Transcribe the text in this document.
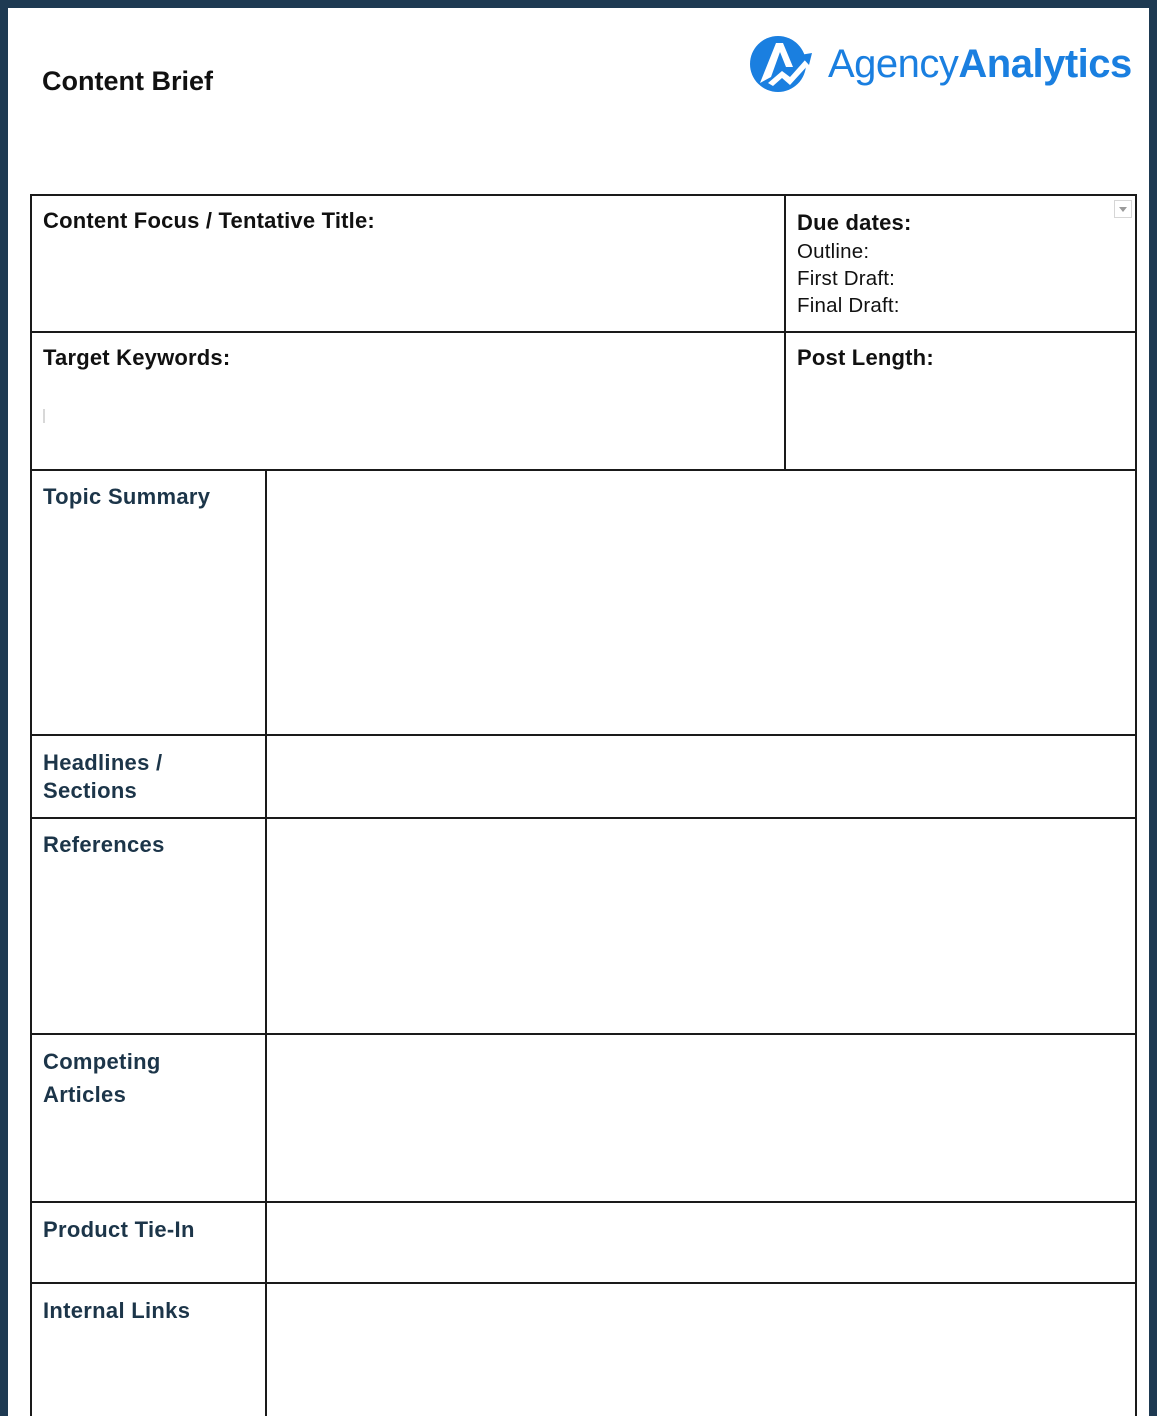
Content Brief	AgencyAnalytics
Content Focus / Tentative Title:		Due dates:
Outline:
First Draft:
Final Draft:

Target Keywords:		Post Length:

Topic Summary		

Headlines /
Sections		

References		

Competing
Articles		

Product Tie-In		

Internal Links		
